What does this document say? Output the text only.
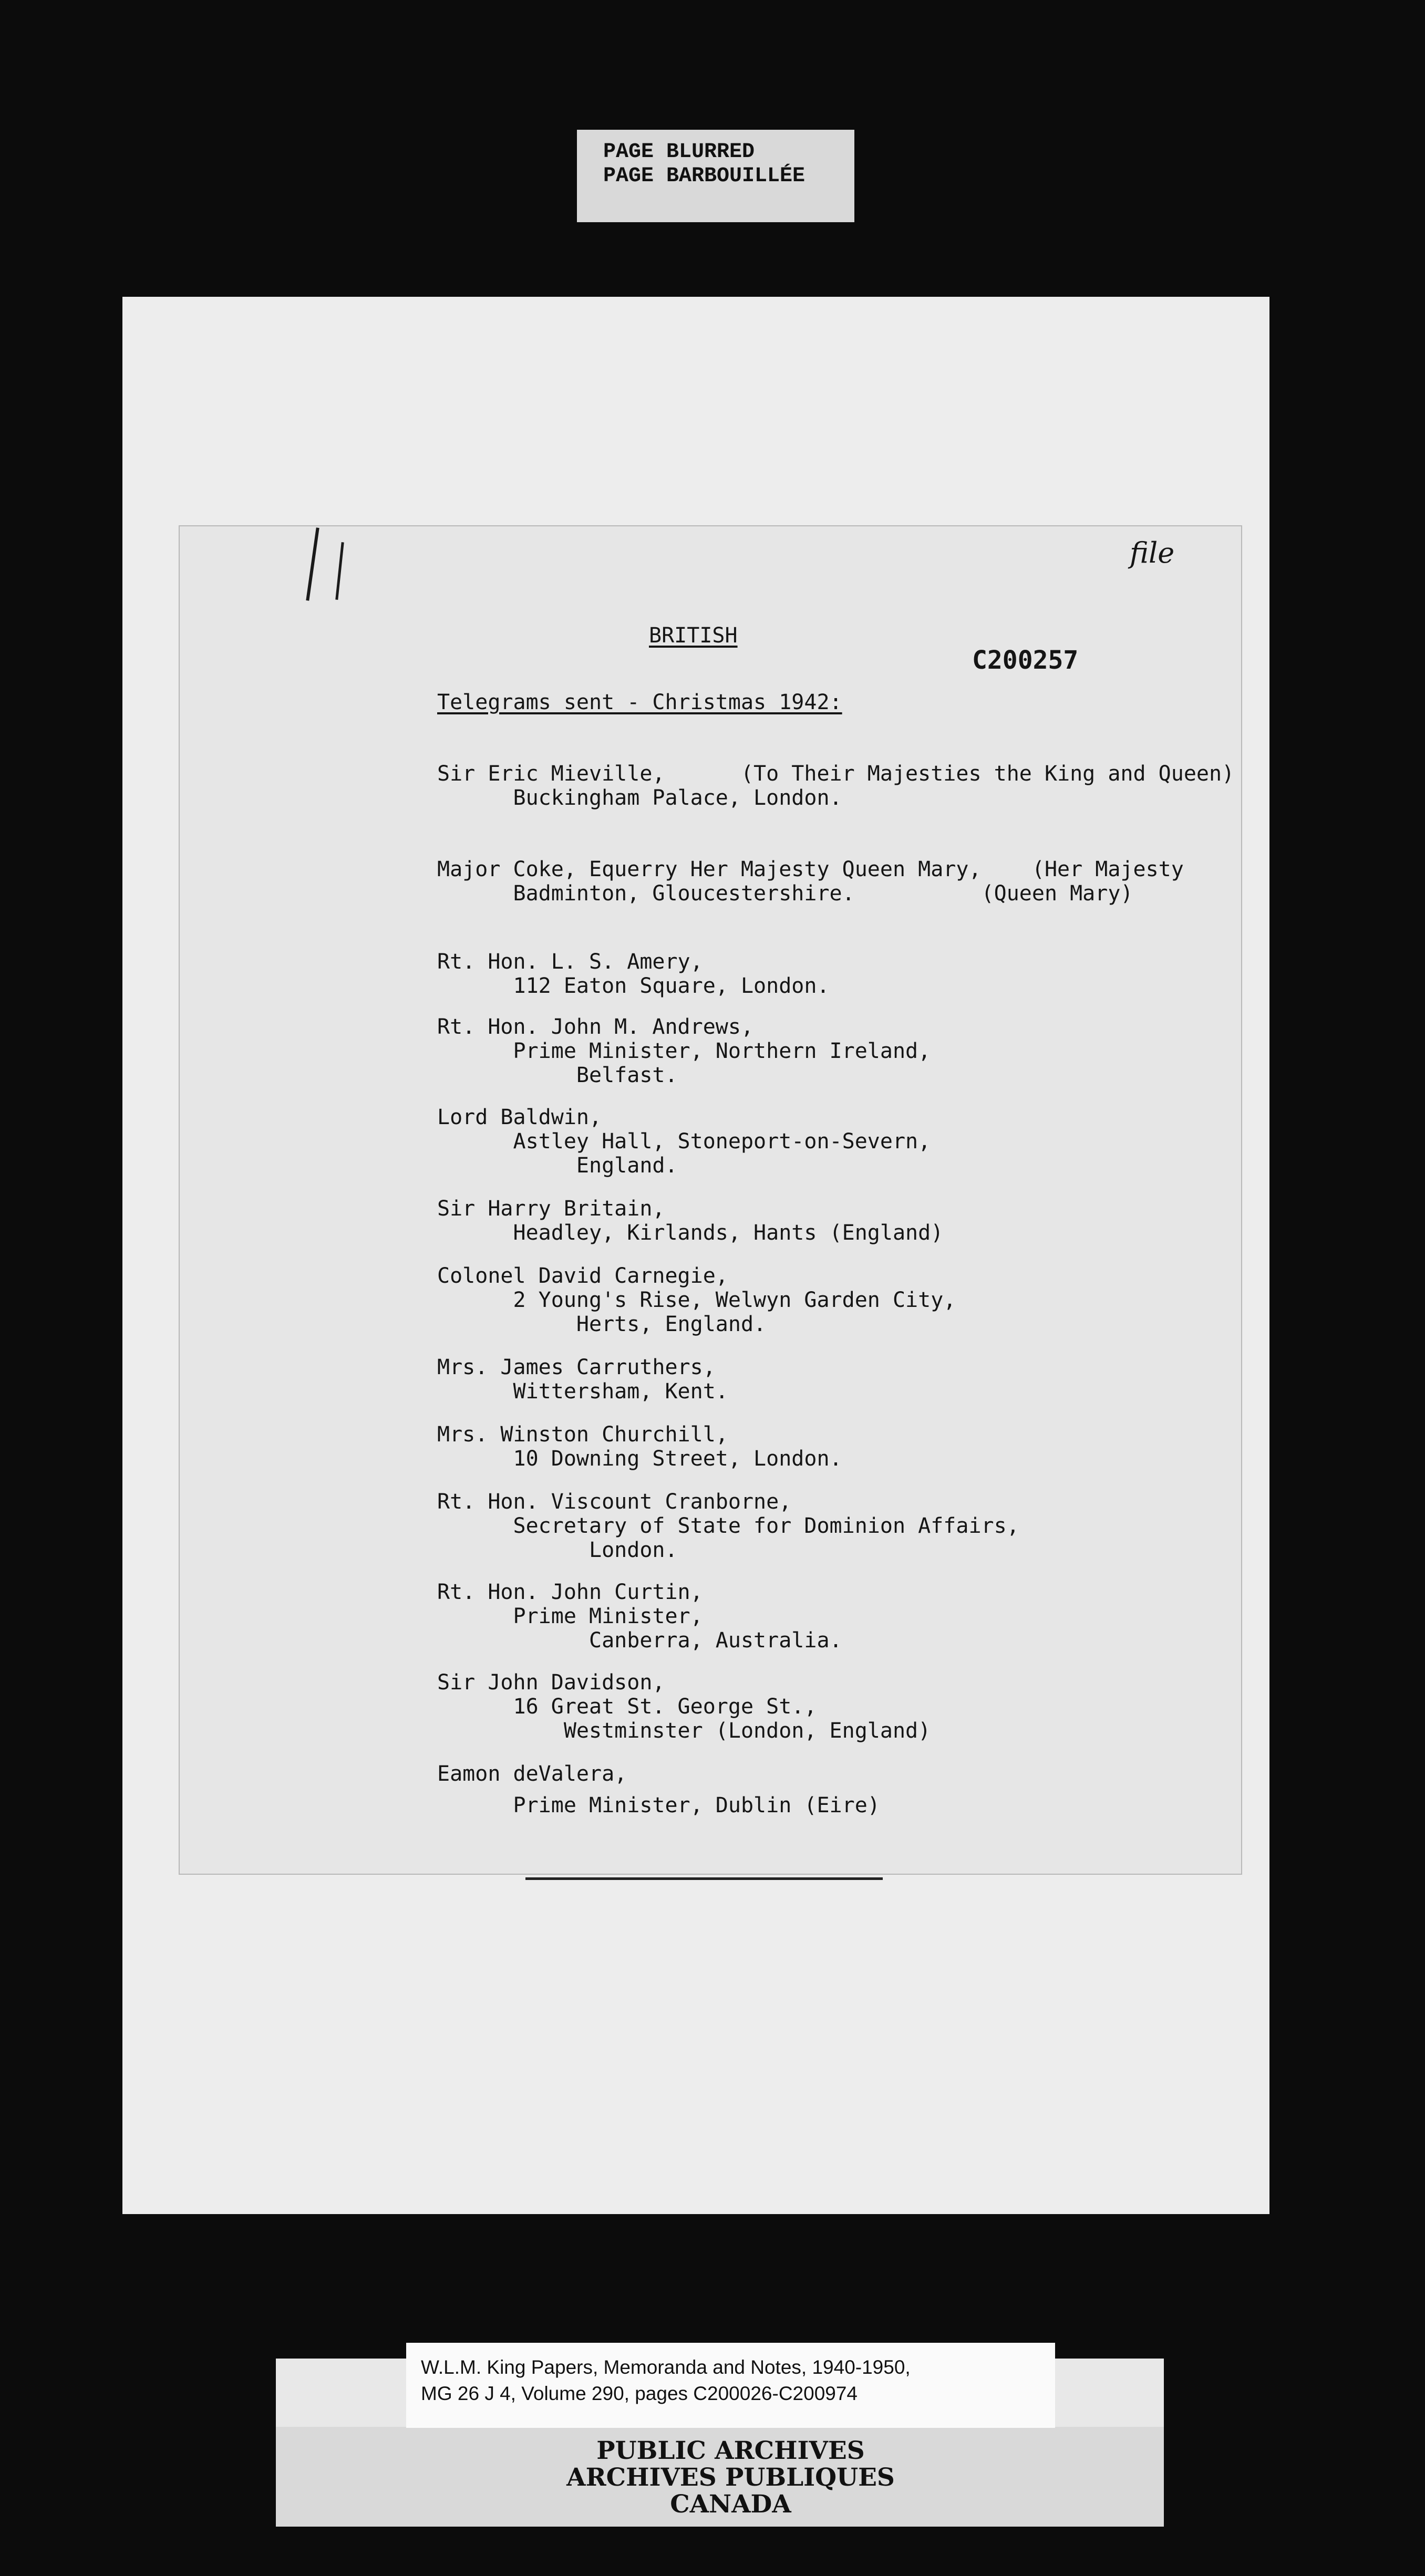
PAGE BLURRED
PAGE BARBOUILLÉE
file
BRITISH
C200257
Telegrams sent - Christmas 1942:
Sir Eric Mieville,      (To Their Majesties the King and Queen)
Buckingham Palace, London.
Major Coke, Equerry Her Majesty Queen Mary,    (Her Majesty
Badminton, Gloucestershire.          (Queen Mary)
Rt. Hon. L. S. Amery,
112 Eaton Square, London.
Rt. Hon. John M. Andrews,
Prime Minister, Northern Ireland,
Belfast.
Lord Baldwin,
Astley Hall, Stoneport-on-Severn,
England.
Sir Harry Britain,
Headley, Kirlands, Hants (England)
Colonel David Carnegie,
2 Young's Rise, Welwyn Garden City,
Herts, England.
Mrs. James Carruthers,
Wittersham, Kent.
Mrs. Winston Churchill,
10 Downing Street, London.
Rt. Hon. Viscount Cranborne,
Secretary of State for Dominion Affairs,
London.
Rt. Hon. John Curtin,
Prime Minister,
Canberra, Australia.
Sir John Davidson,
16 Great St. George St.,
Westminster (London, England)
Eamon deValera,
Prime Minister, Dublin (Eire)
W.L.M. King Papers, Memoranda and Notes, 1940-1950,
MG 26 J 4, Volume 290, pages C200026-C200974
PUBLIC ARCHIVES
ARCHIVES PUBLIQUES
CANADA
